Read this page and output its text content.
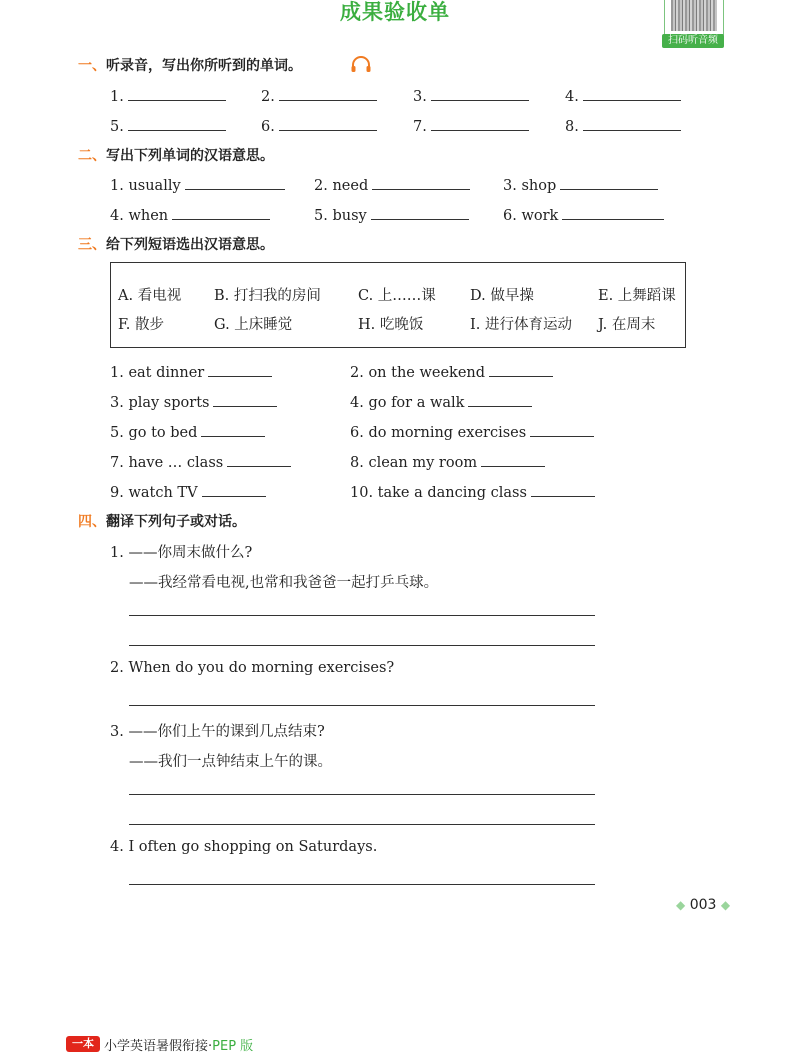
成果验收单
扫码听音频
一、听录音，写出你所听到的单词。
1.	2.	3.	4.
5.	6.	7.	8.
二、写出下列单词的汉语意思。
1. usually	2. need	3. shop
4. when	5. busy	6. work
三、给下列短语选出汉语意思。
A. 看电视 B. 打扫我的房间	C. 上……课 D. 做早操	E. 上舞蹈课
F. 散步	G. 上床睡觉	H. 吃晚饭	I. 进行体育运动 J. 在周末
1. eat dinner	2. on the weekend
3. play sports	4. go for a walk
5. go to bed	6. do morning exercises
7. have … class	8. clean my room
9. watch TV	10. take a dancing class
四、翻译下列句子或对话。
1. ——你周末做什么?
——我经常看电视,也常和我爸爸一起打乒乓球。
2. When do you do morning exercises?
3. ——你们上午的课到几点结束?
——我们一点钟结束上午的课。
4. I often go shopping on Saturdays.
◆ 003 ◆
一本 小学英语暑假衔接·PEP 版
